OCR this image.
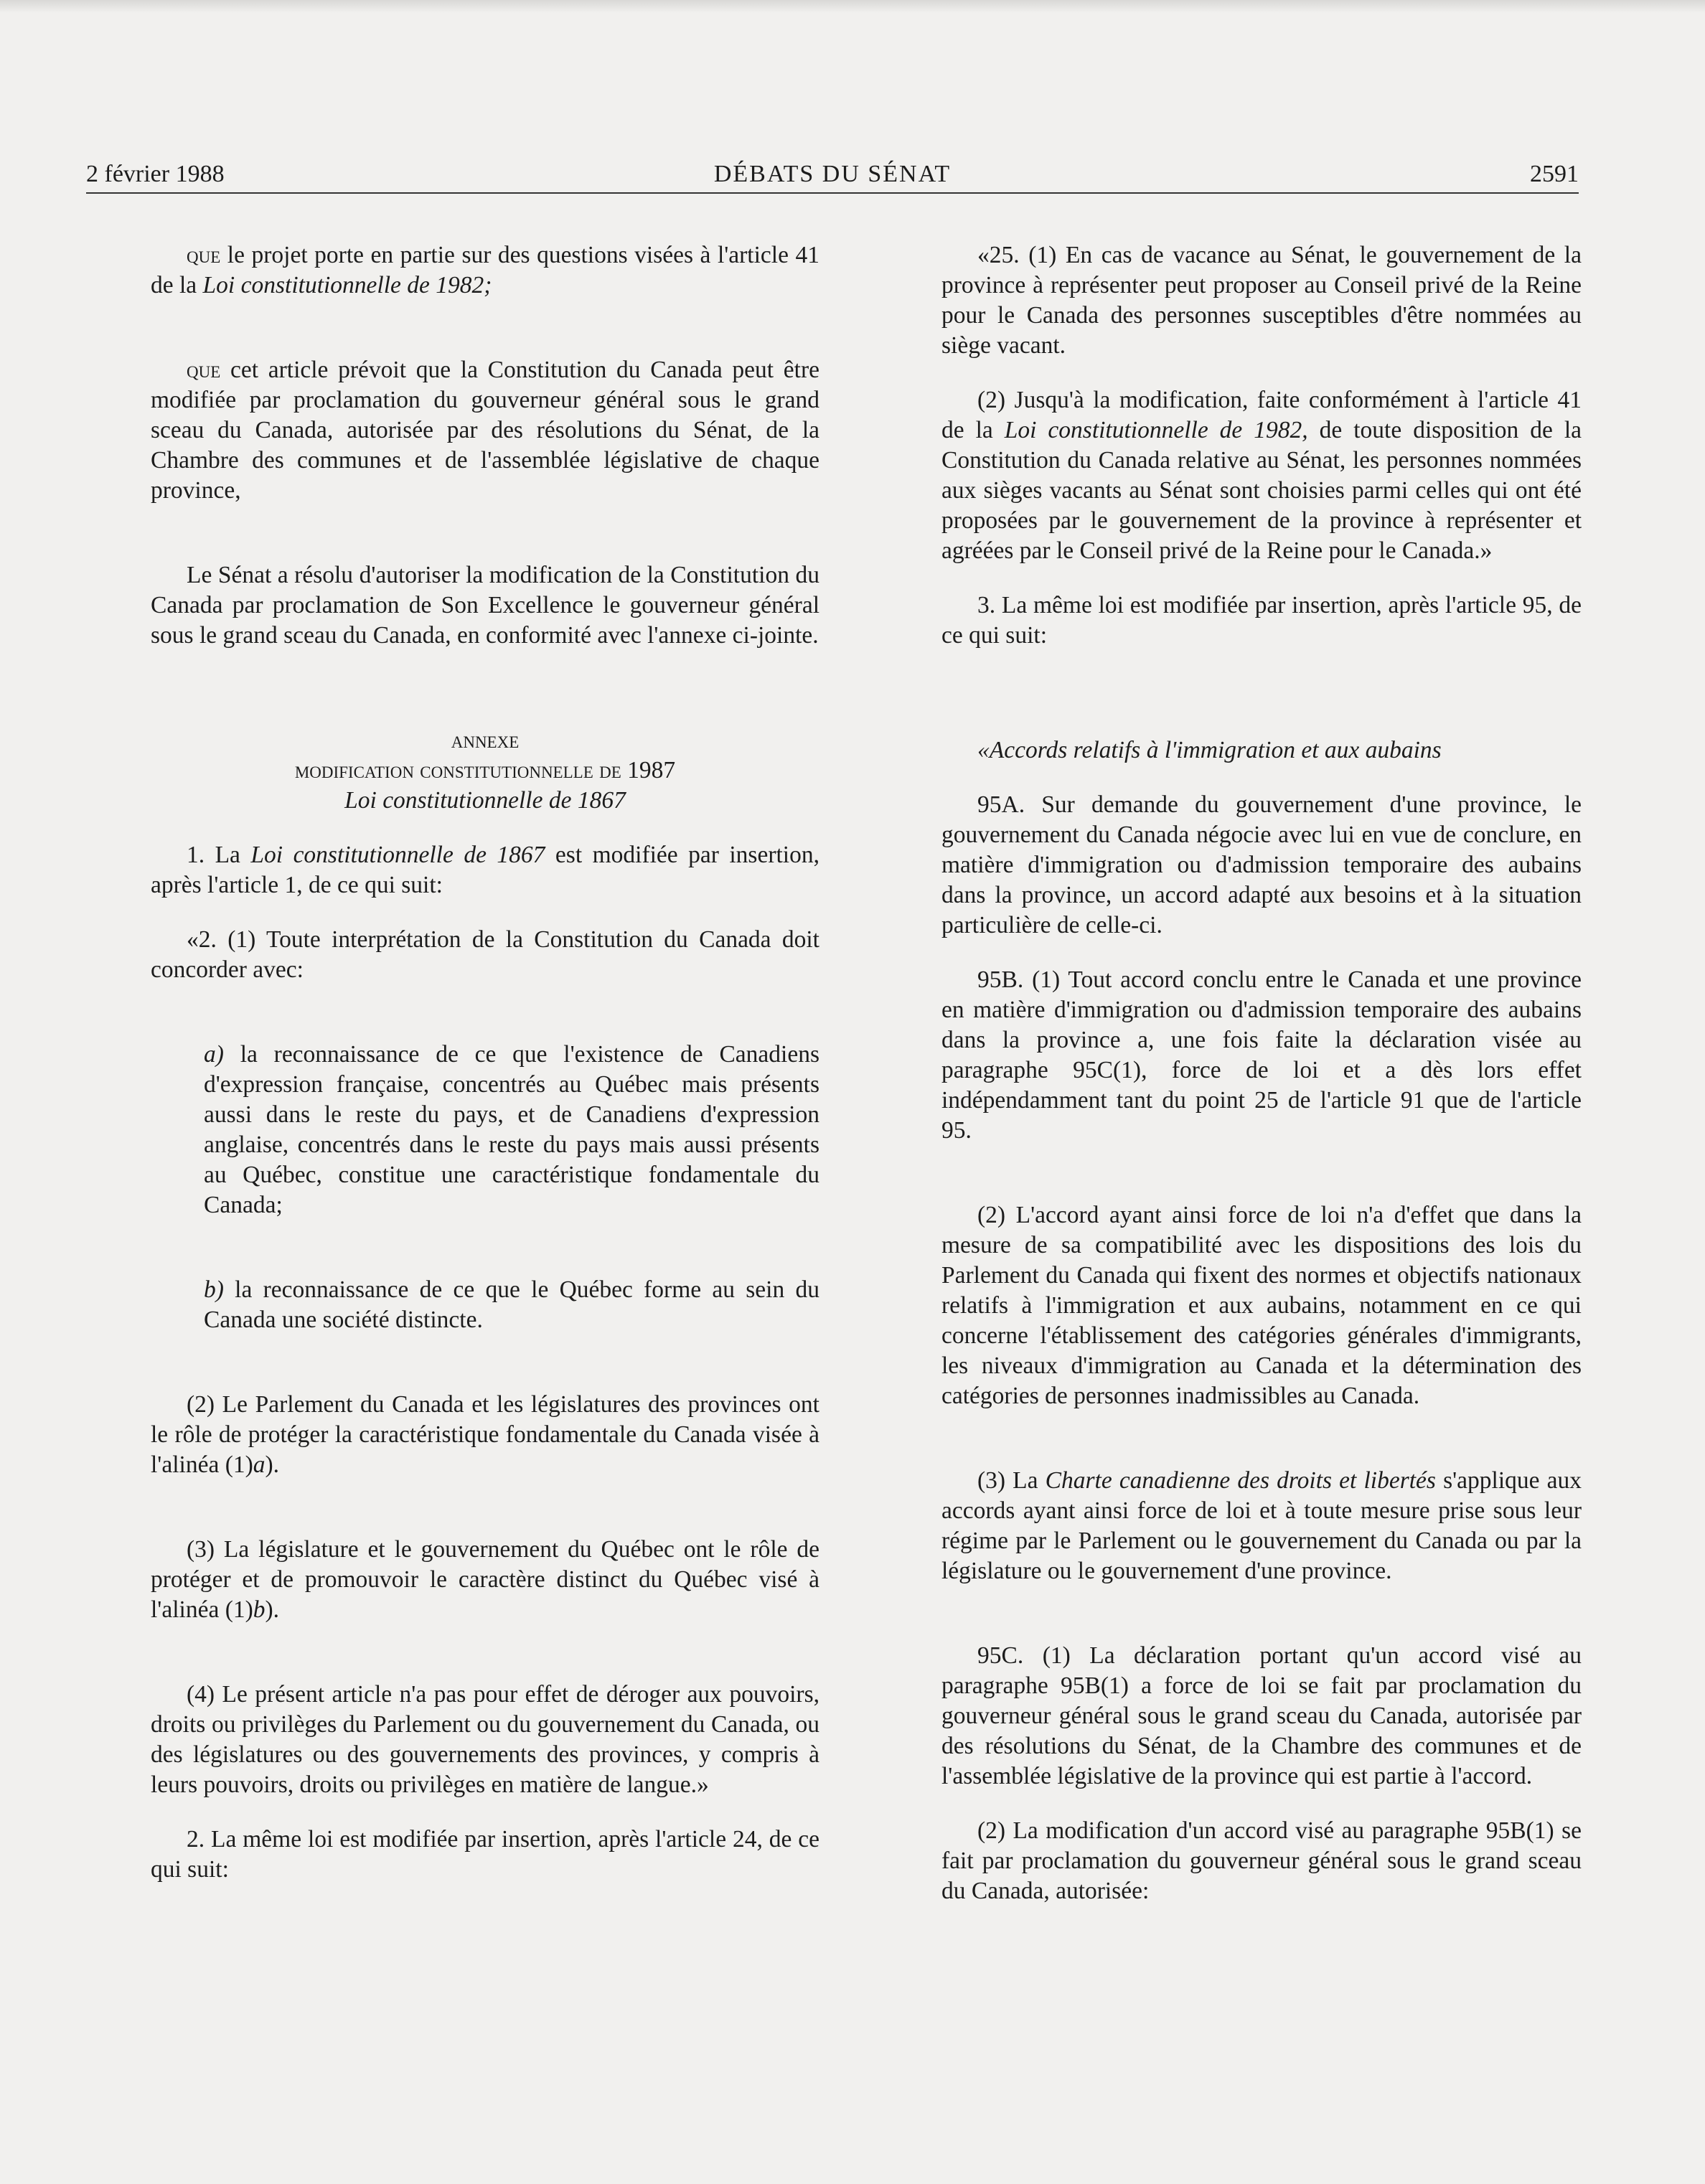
2 février 1988	DÉBATS DU SÉNAT	2591

que le projet porte en partie sur des questions visées à l'article 41 de la Loi constitutionnelle de 1982;

que cet article prévoit que la Constitution du Canada peut être modifiée par proclamation du gouverneur général sous le grand sceau du Canada, autorisée par des résolutions du Sénat, de la Chambre des communes et de l'assemblée législative de chaque province,

Le Sénat a résolu d'autoriser la modification de la Constitution du Canada par proclamation de Son Excellence le gouverneur général sous le grand sceau du Canada, en conformité avec l'annexe ci-jointe.

annexe

modification constitutionnelle de 1987

Loi constitutionnelle de 1867

1. La Loi constitutionnelle de 1867 est modifiée par insertion, après l'article 1, de ce qui suit:

«2. (1) Toute interprétation de la Constitution du Canada doit concorder avec:

a) la reconnaissance de ce que l'existence de Canadiens d'expression française, concentrés au Québec mais présents aussi dans le reste du pays, et de Canadiens d'expression anglaise, concentrés dans le reste du pays mais aussi présents au Québec, constitue une caractéristique fondamentale du Canada;

b) la reconnaissance de ce que le Québec forme au sein du Canada une société distincte.

(2) Le Parlement du Canada et les législatures des provinces ont le rôle de protéger la caractéristique fondamentale du Canada visée à l'alinéa (1)a).

(3) La législature et le gouvernement du Québec ont le rôle de protéger et de promouvoir le caractère distinct du Québec visé à l'alinéa (1)b).

(4) Le présent article n'a pas pour effet de déroger aux pouvoirs, droits ou privilèges du Parlement ou du gouvernement du Canada, ou des législatures ou des gouvernements des provinces, y compris à leurs pouvoirs, droits ou privilèges en matière de langue.»

2. La même loi est modifiée par insertion, après l'article 24, de ce qui suit:

«25. (1) En cas de vacance au Sénat, le gouvernement de la province à représenter peut proposer au Conseil privé de la Reine pour le Canada des personnes susceptibles d'être nommées au siège vacant.

(2) Jusqu'à la modification, faite conformément à l'article 41 de la Loi constitutionnelle de 1982, de toute disposition de la Constitution du Canada relative au Sénat, les personnes nommées aux sièges vacants au Sénat sont choisies parmi celles qui ont été proposées par le gouvernement de la province à représenter et agréées par le Conseil privé de la Reine pour le Canada.»

3. La même loi est modifiée par insertion, après l'article 95, de ce qui suit:

«Accords relatifs à l'immigration et aux aubains

95A. Sur demande du gouvernement d'une province, le gouvernement du Canada négocie avec lui en vue de conclure, en matière d'immigration ou d'admission temporaire des aubains dans la province, un accord adapté aux besoins et à la situation particulière de celle-ci.

95B. (1) Tout accord conclu entre le Canada et une province en matière d'immigration ou d'admission temporaire des aubains dans la province a, une fois faite la déclaration visée au paragraphe 95C(1), force de loi et a dès lors effet indépendamment tant du point 25 de l'article 91 que de l'article 95.

(2) L'accord ayant ainsi force de loi n'a d'effet que dans la mesure de sa compatibilité avec les dispositions des lois du Parlement du Canada qui fixent des normes et objectifs nationaux relatifs à l'immigration et aux aubains, notamment en ce qui concerne l'établissement des catégories générales d'immigrants, les niveaux d'immigration au Canada et la détermination des catégories de personnes inadmissibles au Canada.

(3) La Charte canadienne des droits et libertés s'applique aux accords ayant ainsi force de loi et à toute mesure prise sous leur régime par le Parlement ou le gouvernement du Canada ou par la législature ou le gouvernement d'une province.

95C. (1) La déclaration portant qu'un accord visé au paragraphe 95B(1) a force de loi se fait par proclamation du gouverneur général sous le grand sceau du Canada, autorisée par des résolutions du Sénat, de la Chambre des communes et de l'assemblée législative de la province qui est partie à l'accord.

(2) La modification d'un accord visé au paragraphe 95B(1) se fait par proclamation du gouverneur général sous le grand sceau du Canada, autorisée:
